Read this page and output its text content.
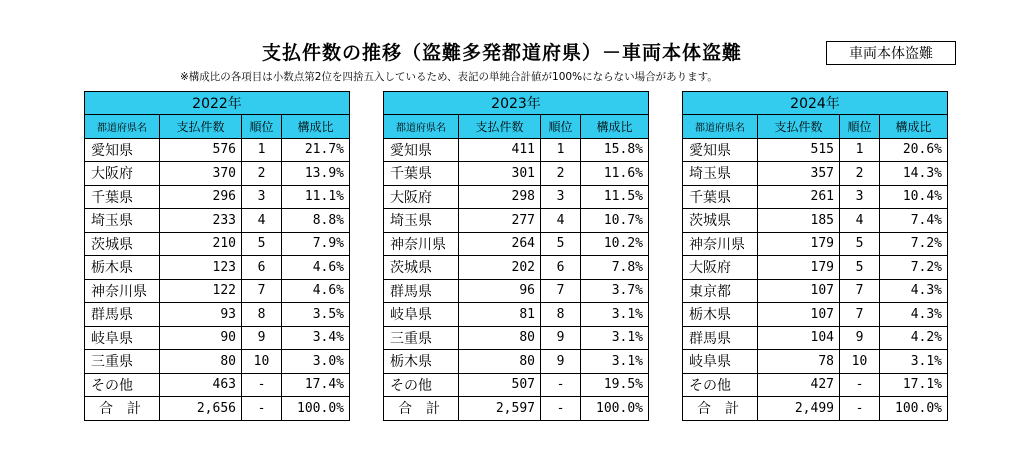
支払件数の推移（盗難多発都道府県）－車両本体盗難	車両本体盗難
※構成比の各項目は小数点第2位を四捨五入しているため、表記の単純合計値が100%にならない場合があります。
2022年			
都道府県名	支払件数	順位	構成比
愛知県	576	1	21.7%
大阪府	370	2	13.9%
千葉県	296	3	11.1%
埼玉県	233	4	8.8%
茨城県	210	5	7.9%
栃木県	123	6	4.6%
神奈川県	122	7	4.6%
群馬県	93	8	3.5%
岐阜県	90	9	3.4%
三重県	80	10	3.0%
その他	463	-	17.4%
合計	2,656	-	100.0%
2023年			
都道府県名	支払件数	順位	構成比
愛知県	411	1	15.8%
千葉県	301	2	11.6%
大阪府	298	3	11.5%
埼玉県	277	4	10.7%
神奈川県	264	5	10.2%
茨城県	202	6	7.8%
群馬県	96	7	3.7%
岐阜県	81	8	3.1%
三重県	80	9	3.1%
栃木県	80	9	3.1%
その他	507	-	19.5%
合計	2,597	-	100.0%
2024年			
都道府県名	支払件数	順位	構成比
愛知県	515	1	20.6%
埼玉県	357	2	14.3%
千葉県	261	3	10.4%
茨城県	185	4	7.4%
神奈川県	179	5	7.2%
大阪府	179	5	7.2%
東京都	107	7	4.3%
栃木県	107	7	4.3%
群馬県	104	9	4.2%
岐阜県	78	10	3.1%
その他	427	-	17.1%
合計	2,499	-	100.0%
